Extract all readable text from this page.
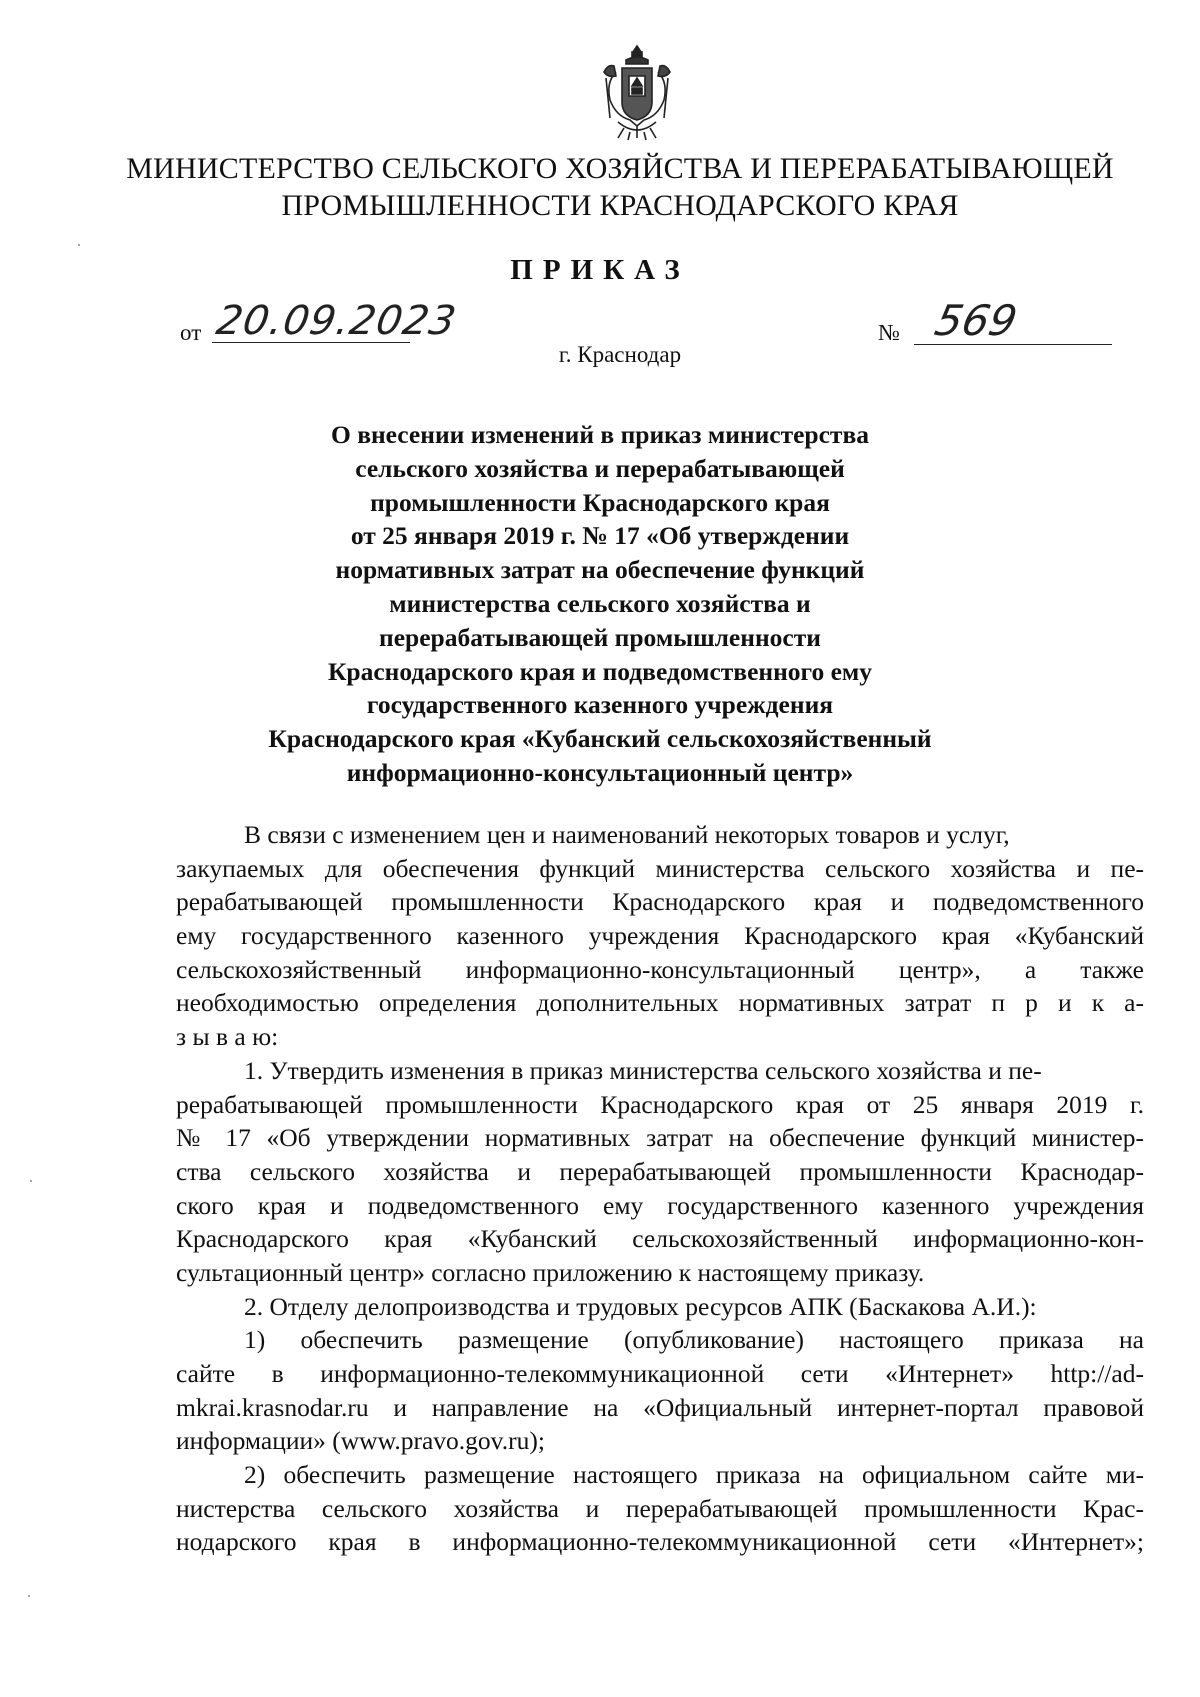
МИНИСТЕРСТВО СЕЛЬСКОГО ХОЗЯЙСТВА И ПЕРЕРАБАТЫВАЮЩЕЙ
ПРОМЫШЛЕННОСТИ КРАСНОДАРСКОГО КРАЯ
ПРИКАЗ
от 20.09.2023	№ 569
г. Краснодар
О внесении изменений в приказ министерства
сельского хозяйства и перерабатывающей
промышленности Краснодарского края
от 25 января 2019 г. № 17 «Об утверждении
нормативных затрат на обеспечение функций
министерства сельского хозяйства и
перерабатывающей промышленности
Краснодарского края и подведомственного ему
государственного казенного учреждения
Краснодарского края «Кубанский сельскохозяйственный
информационно-консультационный центр»
В связи с изменением цен и наименований некоторых товаров и услуг,
закупаемых для обеспечения функций министерства сельского хозяйства и пе-
рерабатывающей промышленности Краснодарского края и подведомственного
ему государственного казенного учреждения Краснодарского края «Кубанский
сельскохозяйственный информационно-консультационный центр», а также
необходимостью определения дополнительных нормативных затрат п р и к а-
з ы в а ю:
1. Утвердить изменения в приказ министерства сельского хозяйства и пе-
рерабатывающей промышленности Краснодарского края от 25 января 2019 г.
№ 17 «Об утверждении нормативных затрат на обеспечение функций министер-
ства сельского хозяйства и перерабатывающей промышленности Краснодар-
ского края и подведомственного ему государственного казенного учреждения
Краснодарского края «Кубанский сельскохозяйственный информационно-кон-
сультационный центр» согласно приложению к настоящему приказу.
2. Отделу делопроизводства и трудовых ресурсов АПК (Баскакова А.И.):
1) обеспечить размещение (опубликование) настоящего приказа на
сайте в информационно-телекоммуникационной сети «Интернет» http://ad-
mkrai.krasnodar.ru и направление на «Официальный интернет-портал правовой
информации» (www.pravo.gov.ru);
2) обеспечить размещение настоящего приказа на официальном сайте ми-
нистерства сельского хозяйства и перерабатывающей промышленности Крас-
нодарского края в информационно-телекоммуникационной сети «Интернет»;
